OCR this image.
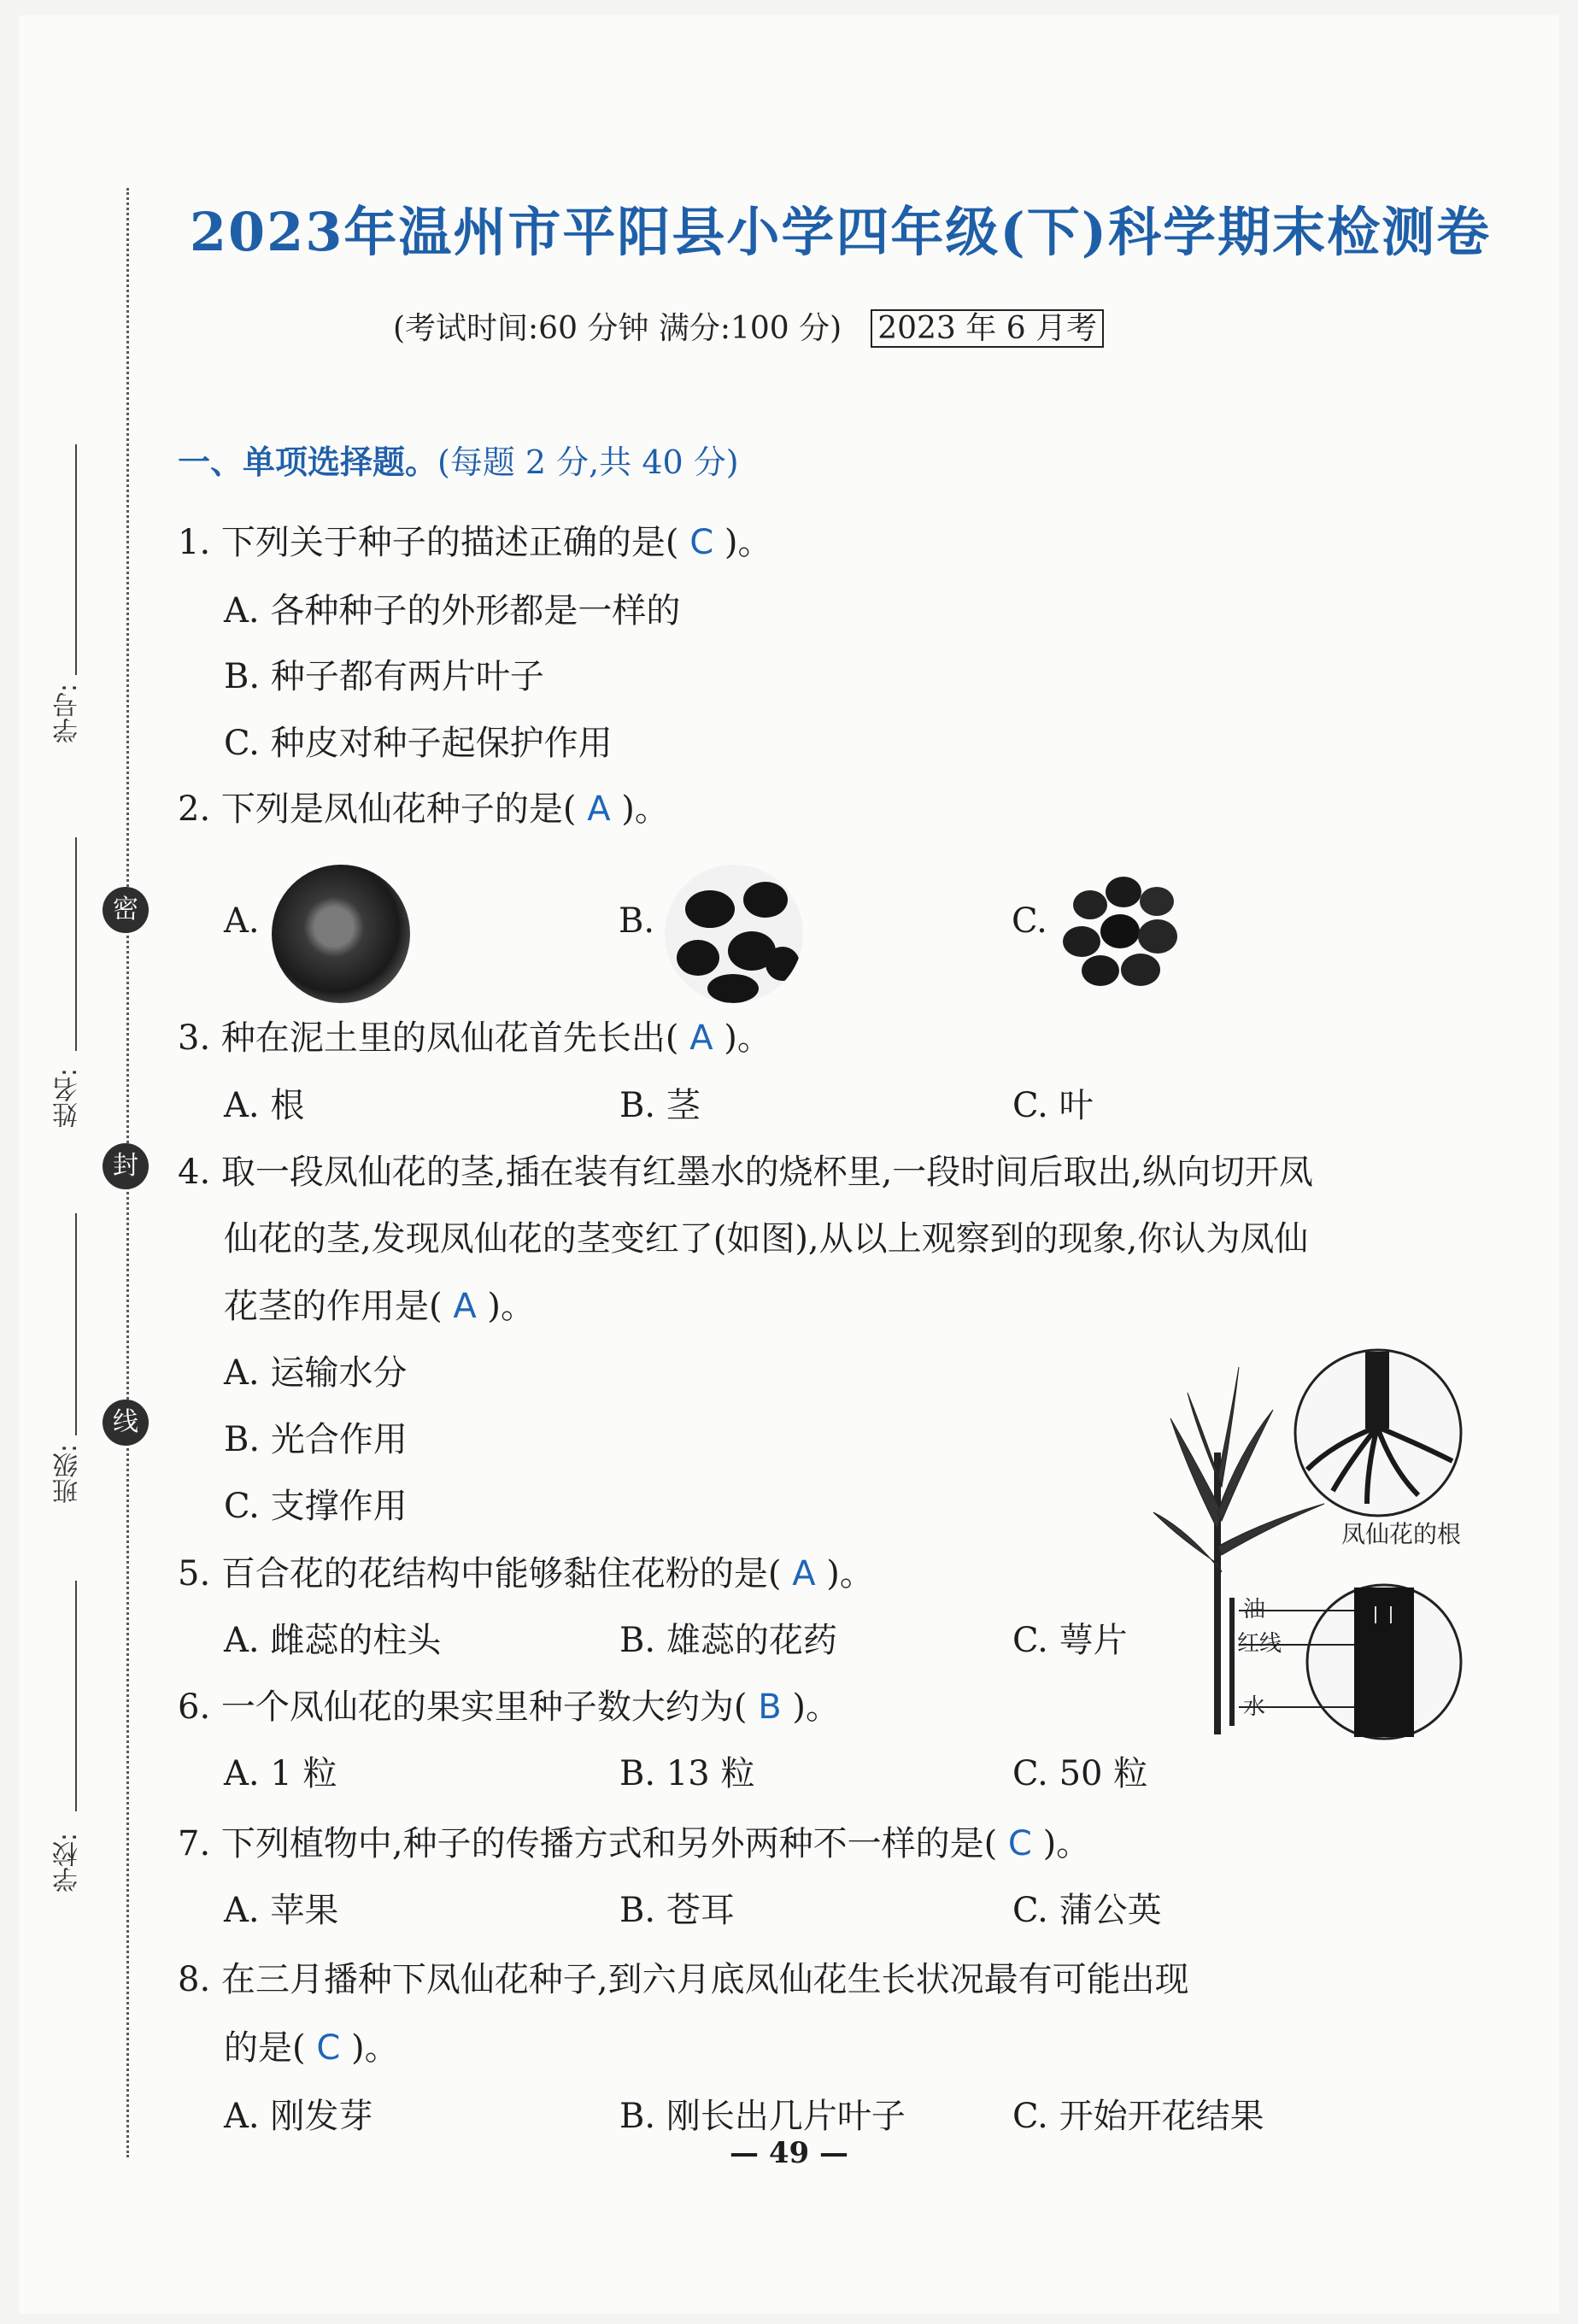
学号:
密
姓名:
封
线
班级:
学校:
2023年温州市平阳县小学四年级(下)科学期末检测卷
(考试时间:60 分钟 满分:100 分) 2023 年 6 月考
一、单项选择题。(每题 2 分,共 40 分)
1. 下列关于种子的描述正确的是( C )。
A. 各种种子的外形都是一样的
B. 种子都有两片叶子
C. 种皮对种子起保护作用
2. 下列是凤仙花种子的是( A )。
A.	B.	C.
3. 种在泥土里的凤仙花首先长出( A )。
A. 根	B. 茎	C. 叶
4. 取一段凤仙花的茎,插在装有红墨水的烧杯里,一段时间后取出,纵向切开凤
仙花的茎,发现凤仙花的茎变红了(如图),从以上观察到的现象,你认为凤仙
花茎的作用是( A )。
A. 运输水分
B. 光合作用
C. 支撑作用
凤仙花的根
油
红线
水
5. 百合花的花结构中能够黏住花粉的是( A )。
A. 雌蕊的柱头	B. 雄蕊的花药	C. 萼片
6. 一个凤仙花的果实里种子数大约为( B )。
A. 1 粒	B. 13 粒	C. 50 粒
7. 下列植物中,种子的传播方式和另外两种不一样的是( C )。
A. 苹果	B. 苍耳	C. 蒲公英
8. 在三月播种下凤仙花种子,到六月底凤仙花生长状况最有可能出现
的是( C )。
A. 刚发芽	B. 刚长出几片叶子	C. 开始开花结果
— 49 —
